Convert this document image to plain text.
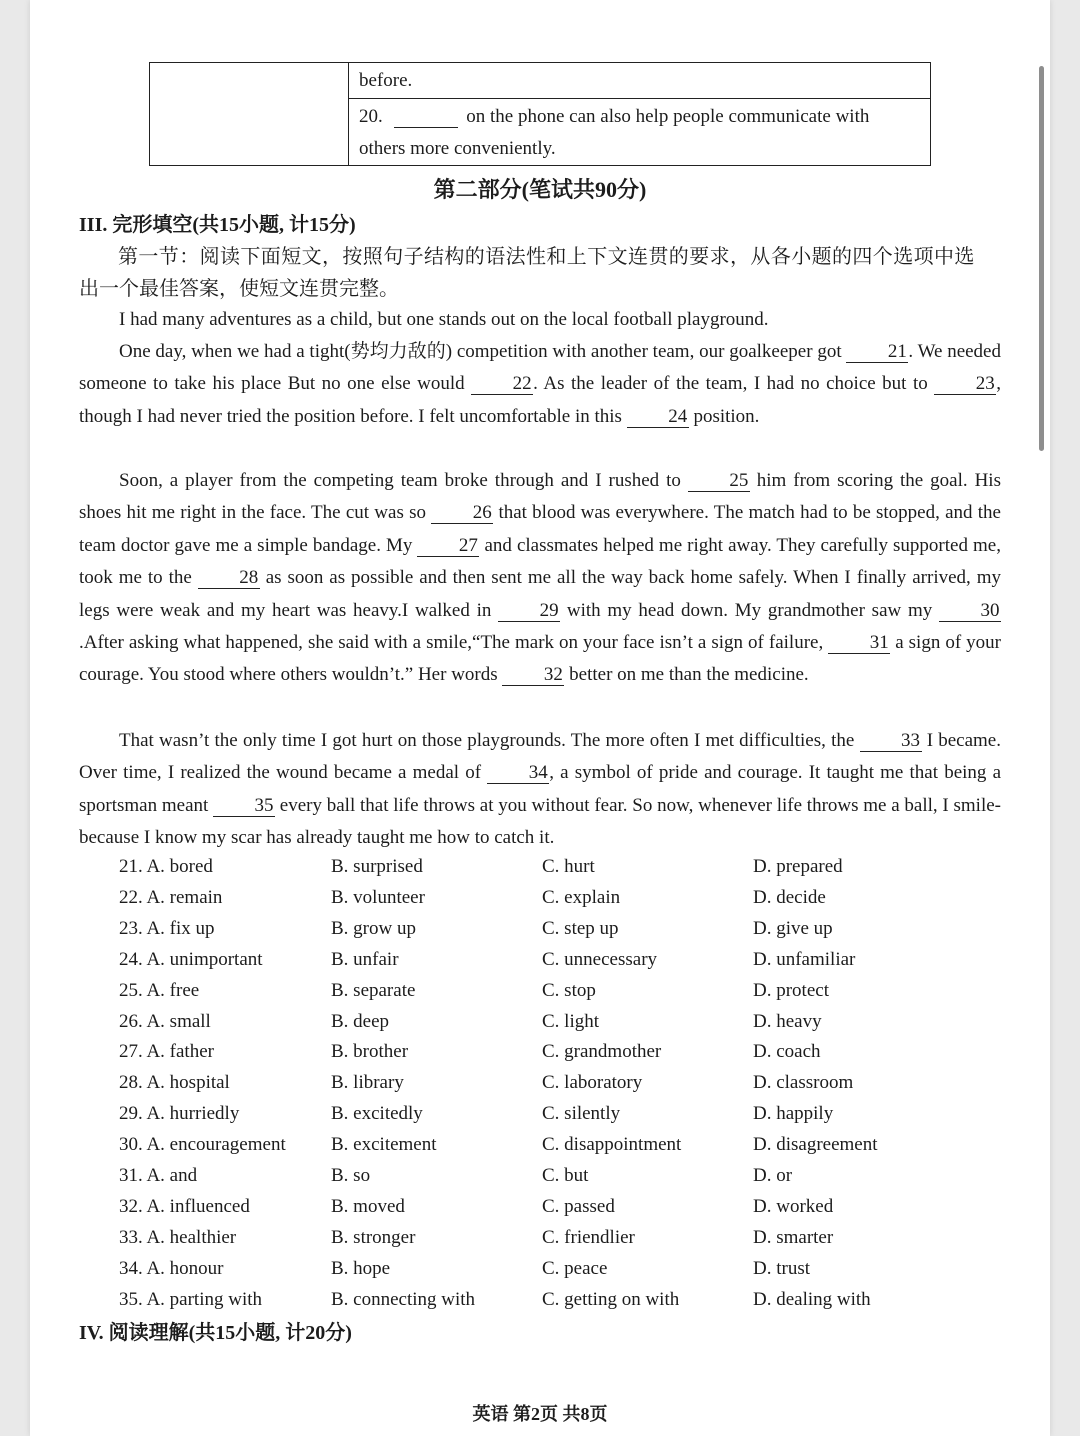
before.
20.	on the phone can also help people communicate with
others more conveniently.
第二部分(笔试共90分)
III. 完形填空(共15小题, 计15分)
第一节：阅读下面短文，按照句子结构的语法性和上下文连贯的要求，从各小题的四个选项中选
出一个最佳答案，使短文连贯完整。
I had many adventures as a child, but one stands out on the local football playground.
One day, when we had a tight(势均力敌的) competition with another team, our goalkeeper got 21. We needed someone to take his place But no one else would 22. As the leader of the team, I had no choice but to 23, though I had never tried the position before. I felt uncomfortable in this 24 position.
Soon, a player from the competing team broke through and I rushed to 25 him from scoring the goal. His shoes hit me right in the face. The cut was so 26 that blood was everywhere. The match had to be stopped, and the team doctor gave me a simple bandage. My 27 and classmates helped me right away. They carefully supported me, took me to the 28 as soon as possible and then sent me all the way back home safely. When I finally arrived, my legs were weak and my heart was heavy.I walked in 29 with my head down. My grandmother saw my 30.After asking what happened, she said with a smile,“The mark on your face isn’t a sign of failure, 31 a sign of your courage. You stood where others wouldn’t.” Her words 32 better on me than the medicine.
That wasn’t the only time I got hurt on those playgrounds. The more often I met difficulties, the 33 I became. Over time, I realized the wound became a medal of 34, a symbol of pride and courage. It taught me that being a sportsman meant 35 every ball that life throws at you without fear. So now, whenever life throws me a ball, I smile- because I know my scar has already taught me how to catch it.
21. A. bored	B. surprised	C. hurt	D. prepared
22. A. remain	B. volunteer	C. explain	D. decide
23. A. fix up	B. grow up	C. step up	D. give up
24. A. unimportant	B. unfair	C. unnecessary	D. unfamiliar
25. A. free	B. separate	C. stop	D. protect
26. A. small	B. deep	C. light	D. heavy
27. A. father	B. brother	C. grandmother	D. coach
28. A. hospital	B. library	C. laboratory	D. classroom
29. A. hurriedly	B. excitedly	C. silently	D. happily
30. A. encouragement B. excitement	C. disappointment	D. disagreement
31. A. and	B. so	C. but	D. or
32. A. influenced	B. moved	C. passed	D. worked
33. A. healthier	B. stronger	C. friendlier	D. smarter
34. A. honour	B. hope	C. peace	D. trust
35. A. parting with	B. connecting with	C. getting on with	D. dealing with
IV. 阅读理解(共15小题, 计20分)
英语 第2页 共8页
